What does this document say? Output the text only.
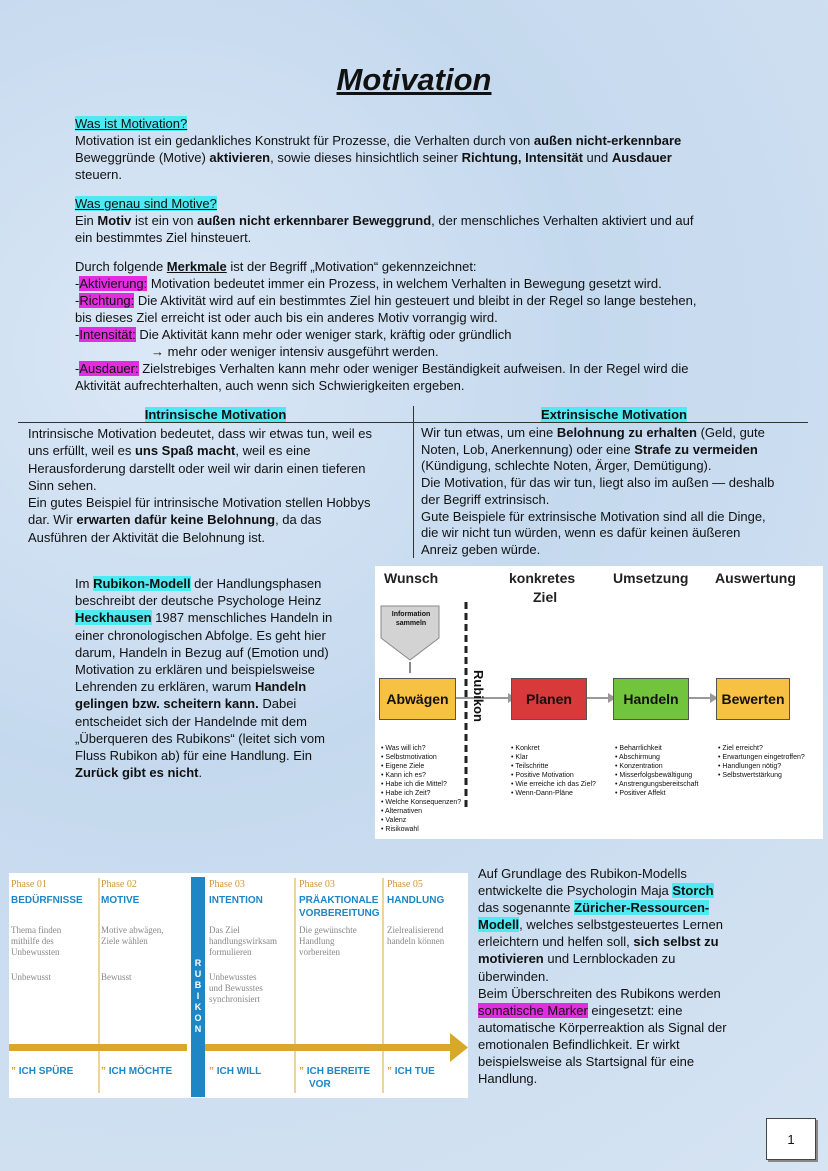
Motivation
Was ist Motivation?
Motivation ist ein gedankliches Konstrukt für Prozesse, die Verhalten durch von außen nicht-erkennbare
Beweggründe (Motive) aktivieren, sowie dieses hinsichtlich seiner Richtung, Intensität und Ausdauer
steuern.
Was genau sind Motive?
Ein Motiv ist ein von außen nicht erkennbarer Beweggrund, der menschliches Verhalten aktiviert und auf
ein bestimmtes Ziel hinsteuert.
Durch folgende Merkmale ist der Begriff „Motivation“ gekennzeichnet:
-Aktivierung: Motivation bedeutet immer ein Prozess, in welchem Verhalten in Bewegung gesetzt wird.
-Richtung: Die Aktivität wird auf ein bestimmtes Ziel hin gesteuert und bleibt in der Regel so lange bestehen,
bis dieses Ziel erreicht ist oder auch bis ein anderes Motiv vorrangig wird.
-Intensität: Die Aktivität kann mehr oder weniger stark, kräftig oder gründlich
→ mehr oder weniger intensiv ausgeführt werden.
-Ausdauer: Zielstrebiges Verhalten kann mehr oder weniger Beständigkeit aufweisen. In der Regel wird die
Aktivität aufrechterhalten, auch wenn sich Schwierigkeiten ergeben.
Intrinsische Motivation	Extrinsische Motivation
Intrinsische Motivation bedeutet, dass wir etwas tun, weil es
uns erfüllt, weil es uns Spaß macht, weil es eine
Herausforderung darstellt oder weil wir darin einen tieferen
Sinn sehen.
Ein gutes Beispiel für intrinsische Motivation stellen Hobbys
dar. Wir erwarten dafür keine Belohnung, da das
Ausführen der Aktivität die Belohnung ist.
Wir tun etwas, um eine Belohnung zu erhalten (Geld, gute
Noten, Lob, Anerkennung) oder eine Strafe zu vermeiden
(Kündigung, schlechte Noten, Ärger, Demütigung).
Die Motivation, für das wir tun, liegt also im außen — deshalb
der Begriff extrinsisch.
Gute Beispiele für extrinsische Motivation sind all die Dinge,
die wir nicht tun würden, wenn es dafür keinen äußeren
Anreiz geben würde.
Im Rubikon-Modell der Handlungsphasen
beschreibt der deutsche Psychologe Heinz
Heckhausen 1987 menschliches Handeln in
einer chronologischen Abfolge. Es geht hier
darum, Handeln in Bezug auf (Emotion und)
Motivation zu erklären und beispielsweise
Lehrenden zu erklären, warum Handeln
gelingen bzw. scheitern kann. Dabei
entscheidet sich der Handelnde mit dem
„Überqueren des Rubikons“ (leitet sich vom
Fluss Rubikon ab) für eine Handlung. Ein
Zurück gibt es nicht.
Wunsch	konkretes
Ziel
Umsetzung Auswertung
Information
sammeln
Rubikon
Abwägen	Planen	Handeln	Bewerten
• Was will ich?
• Selbstmotivation
• Eigene Ziele
• Kann ich es?
• Habe ich die Mittel?
• Habe ich Zeit?
• Welche Konsequenzen?
• Alternativen
• Valenz
• Risikowahl
• Konkret
• Klar
• Teilschritte
• Positive Motivation
• Wie erreiche ich das Ziel?
• Wenn-Dann-Pläne
• Beharrlichkeit
• Abschirmung
• Konzentration
• Misserfolgsbewältigung
• Anstrengungsbereitschaft
• Positiver Affekt
• Ziel erreicht?
• Erwartungen eingetroffen?
• Handlungen nötig?
• Selbstwertstärkung
R
U
B
I
K
O
N
Phase 01
BEDÜRFNISSE
Thema finden
mithilfe des
Unbewussten
Unbewusst
” ICH SPÜRE
Phase 02
MOTIVE
Motive abwägen,
Ziele wählen

Bewusst
” ICH MÖCHTE
Phase 03
INTENTION
Das Ziel
handlungswirksam
formulieren
Unbewusstes
und Bewusstes
synchronisiert
” ICH WILL
Phase 03
PRÄAKTIONALE
VORBEREITUNG
Die gewünschte
Handlung
vorbereiten
” ICH BEREITE
VOR
Phase 05
HANDLUNG
Zielrealisierend
handeln können

” ICH TUE
Auf Grundlage des Rubikon-Modells
entwickelte die Psychologin Maja Storch
das sogenannte Züricher-Ressourcen-
Modell, welches selbstgesteuertes Lernen
erleichtern und helfen soll, sich selbst zu
motivieren und Lernblockaden zu
überwinden.
Beim Überschreiten des Rubikons werden
somatische Marker eingesetzt: eine
automatische Körperreaktion als Signal der
emotionalen Befindlichkeit. Er wirkt
beispielsweise als Startsignal für eine
Handlung.
1
